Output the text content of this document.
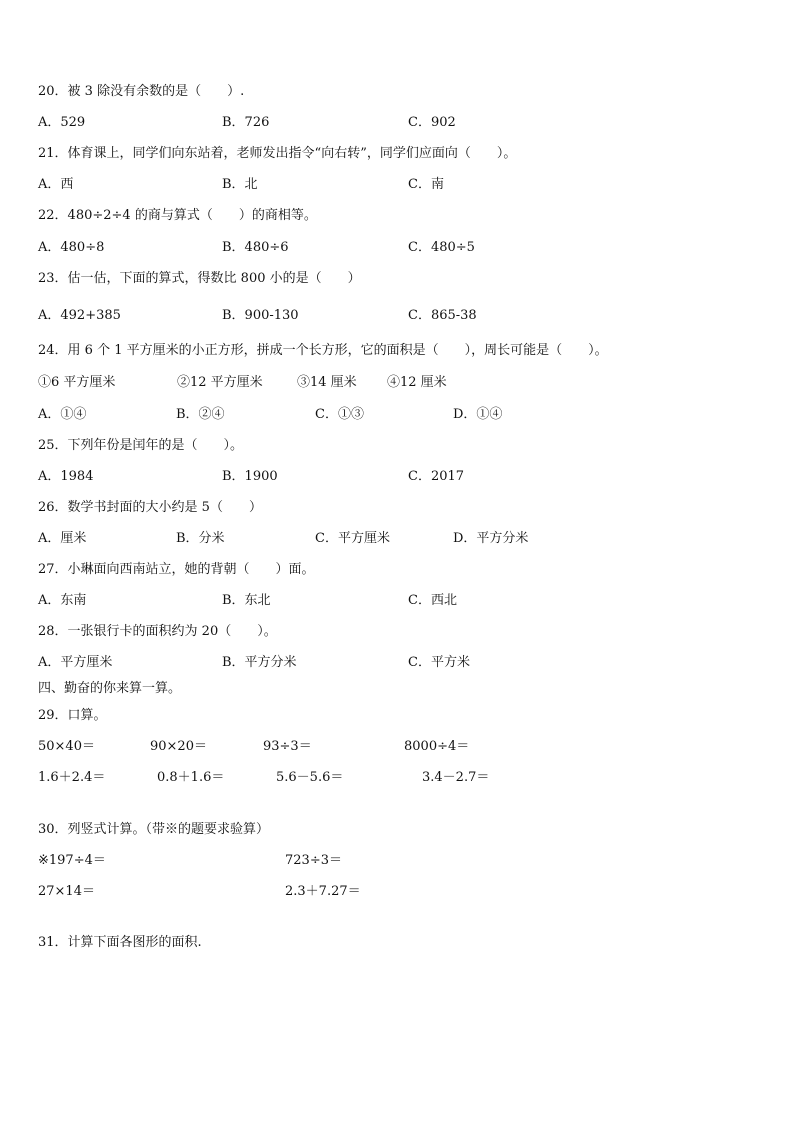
20．被 3 除没有余数的是（　　）.
A．529	B．726	C．902
21．体育课上，同学们向东站着，老师发出指令“向右转”，同学们应面向（　　）。
A．西	B．北	C．南
22．480÷2÷4 的商与算式（　　）的商相等。
A．480÷8	B．480÷6	C．480÷5
23．估一估，下面的算式，得数比 800 小的是（　　）
A．492+385	B．900-130	C．865-38
24．用 6 个 1 平方厘米的小正方形，拼成一个长方形，它的面积是（　　），周长可能是（　　）。
①6 平方厘米	②12 平方厘米	③14 厘米 ④12 厘米
A．①④	B．②④	C．①③	D．①④
25．下列年份是闰年的是（　　）。
A．1984	B．1900	C．2017
26．数学书封面的大小约是 5（　　）
A．厘米	B．分米	C．平方厘米	D．平方分米
27．小琳面向西南站立，她的背朝（　　）面。
A．东南	B．东北	C．西北
28．一张银行卡的面积约为 20（　　）。
A．平方厘米	B．平方分米	C．平方米
四、勤奋的你来算一算。
29．口算。
50×40＝	90×20＝	93÷3＝	8000÷4＝
1.6＋2.4＝	0.8＋1.6＝	5.6－5.6＝	3.4－2.7＝
30．列竖式计算。（带※的题要求验算）
※197÷4＝	723÷3＝
27×14＝	2.3＋7.27＝
31．计算下面各图形的面积.
